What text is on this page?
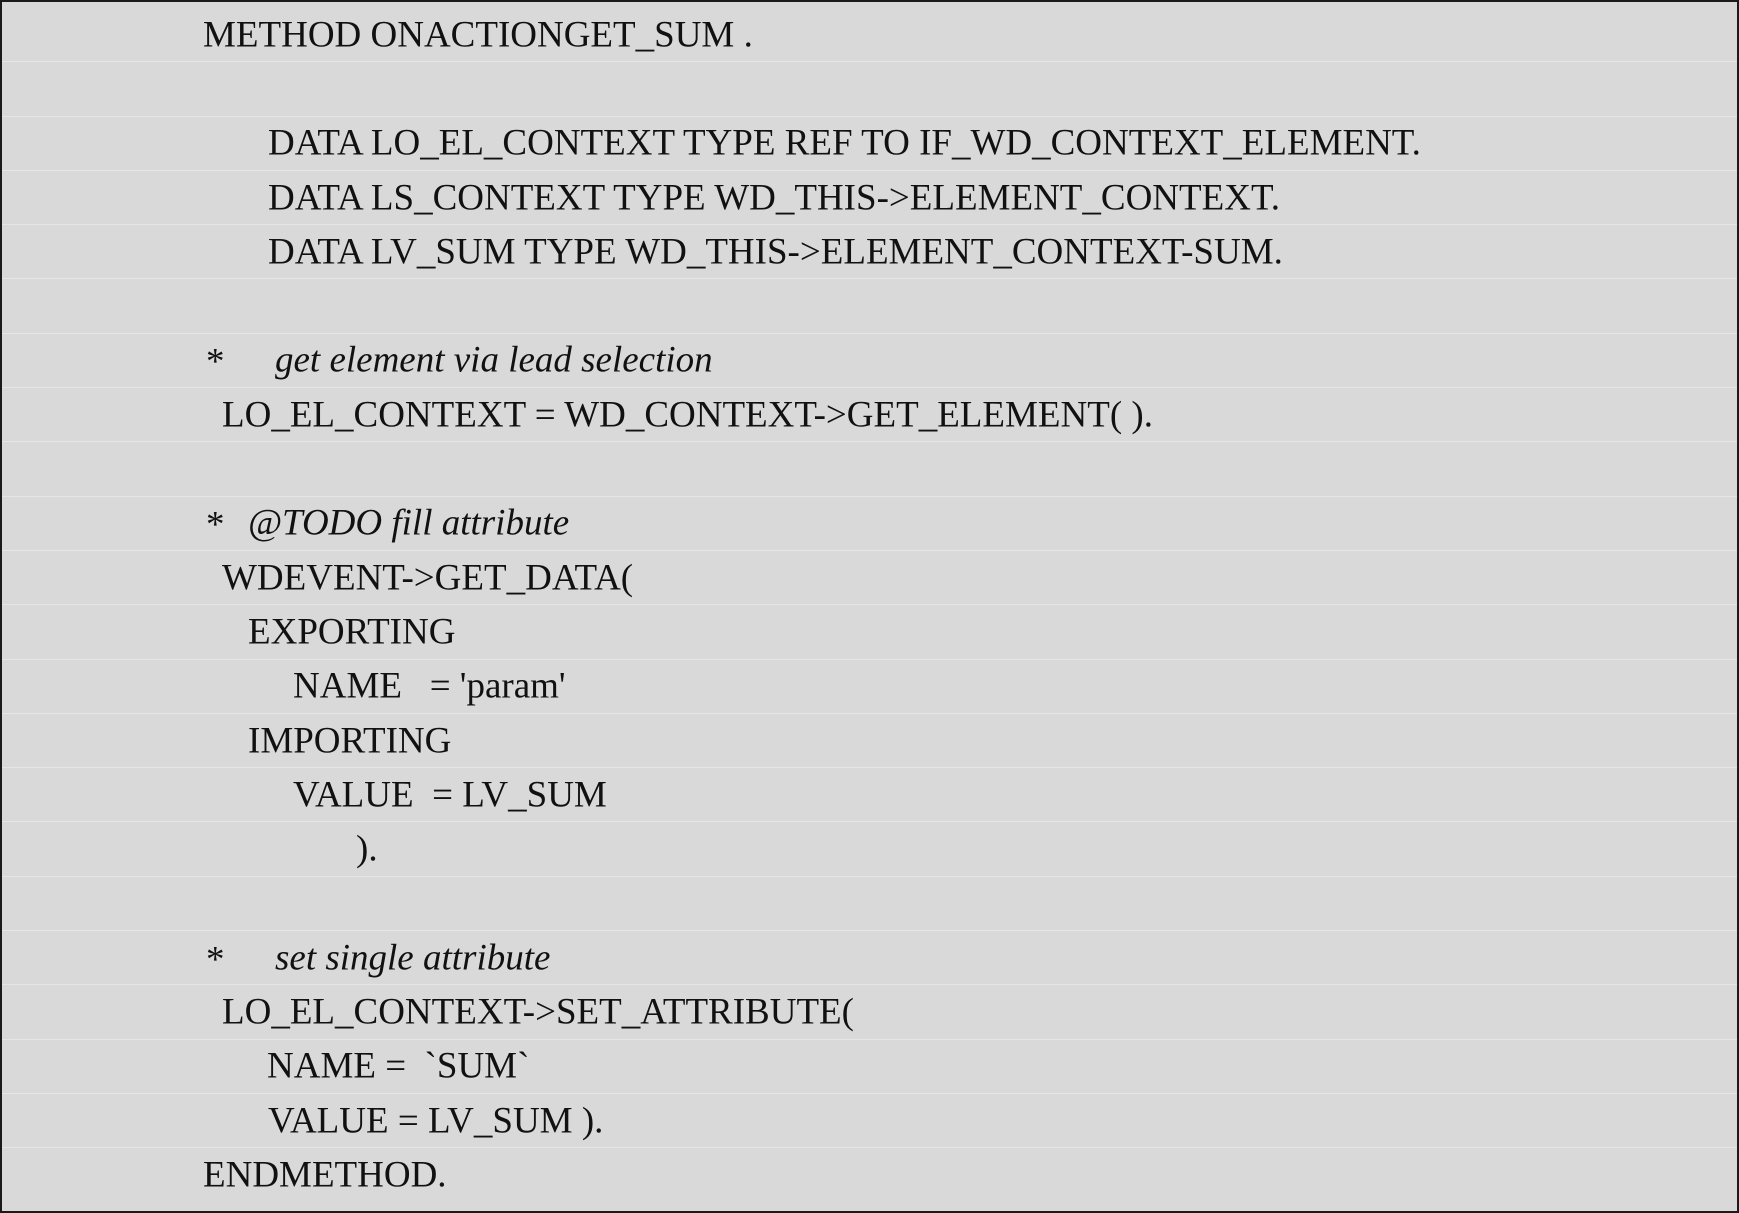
METHOD ONACTIONGET_SUM .
DATA LO_EL_CONTEXT TYPE REF TO IF_WD_CONTEXT_ELEMENT.
DATA LS_CONTEXT TYPE WD_THIS->ELEMENT_CONTEXT.
DATA LV_SUM TYPE WD_THIS->ELEMENT_CONTEXT-SUM.
* get element via lead selection
LO_EL_CONTEXT = WD_CONTEXT->GET_ELEMENT( ).
* @TODO fill attribute
WDEVENT->GET_DATA(
EXPORTING
NAME   = 'param'
IMPORTING
VALUE  = LV_SUM
).
* set single attribute
LO_EL_CONTEXT->SET_ATTRIBUTE(
NAME =  `SUM`
VALUE = LV_SUM ).
ENDMETHOD.
